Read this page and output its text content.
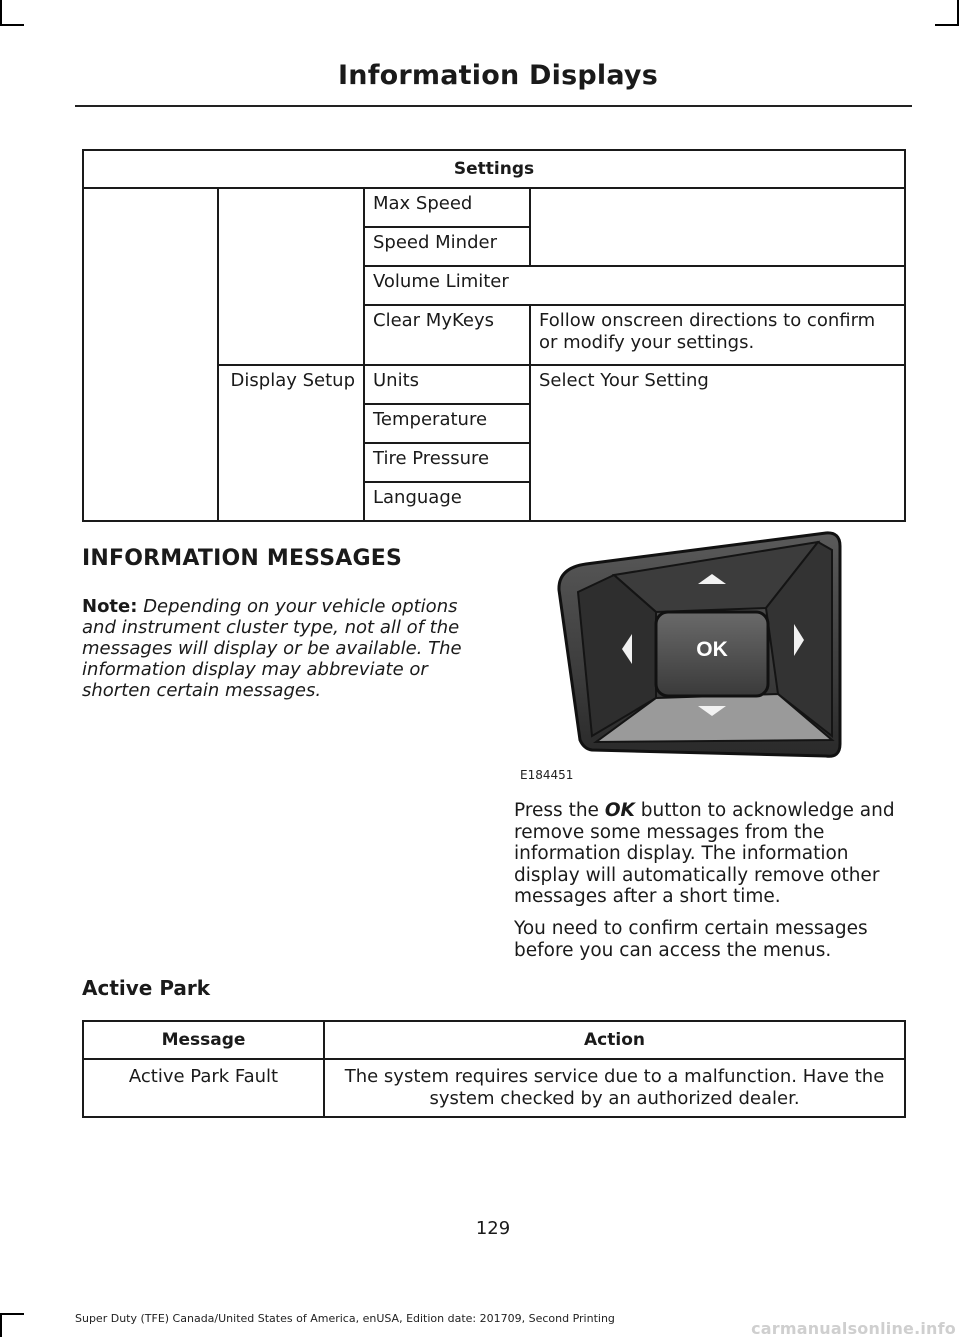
Information Displays
Settings			
		Max Speed	
		Speed Minder	
		Volume Limiter	
		Clear MyKeys	Follow onscreen directions to confirm or modify your settings.
	Display Setup	Units	Select Your Setting
		Temperature	
		Tire Pressure	
		Language	
INFORMATION MESSAGES
Note: Depending on your vehicle options and instrument cluster type, not all of the messages will display or be available. The information display may abbreviate or shorten certain messages.
OK
E184451
Press the OK button to acknowledge and remove some messages from the information display. The information display will automatically remove other messages after a short time.
You need to confirm certain messages before you can access the menus.
Active Park
Message	Action
Active Park Fault	The system requires service due to a malfunction. Have the system checked by an authorized dealer.
129
Super Duty (TFE) Canada/United States of America, enUSA, Edition date: 201709, Second Printing
carmanualsonline.info
